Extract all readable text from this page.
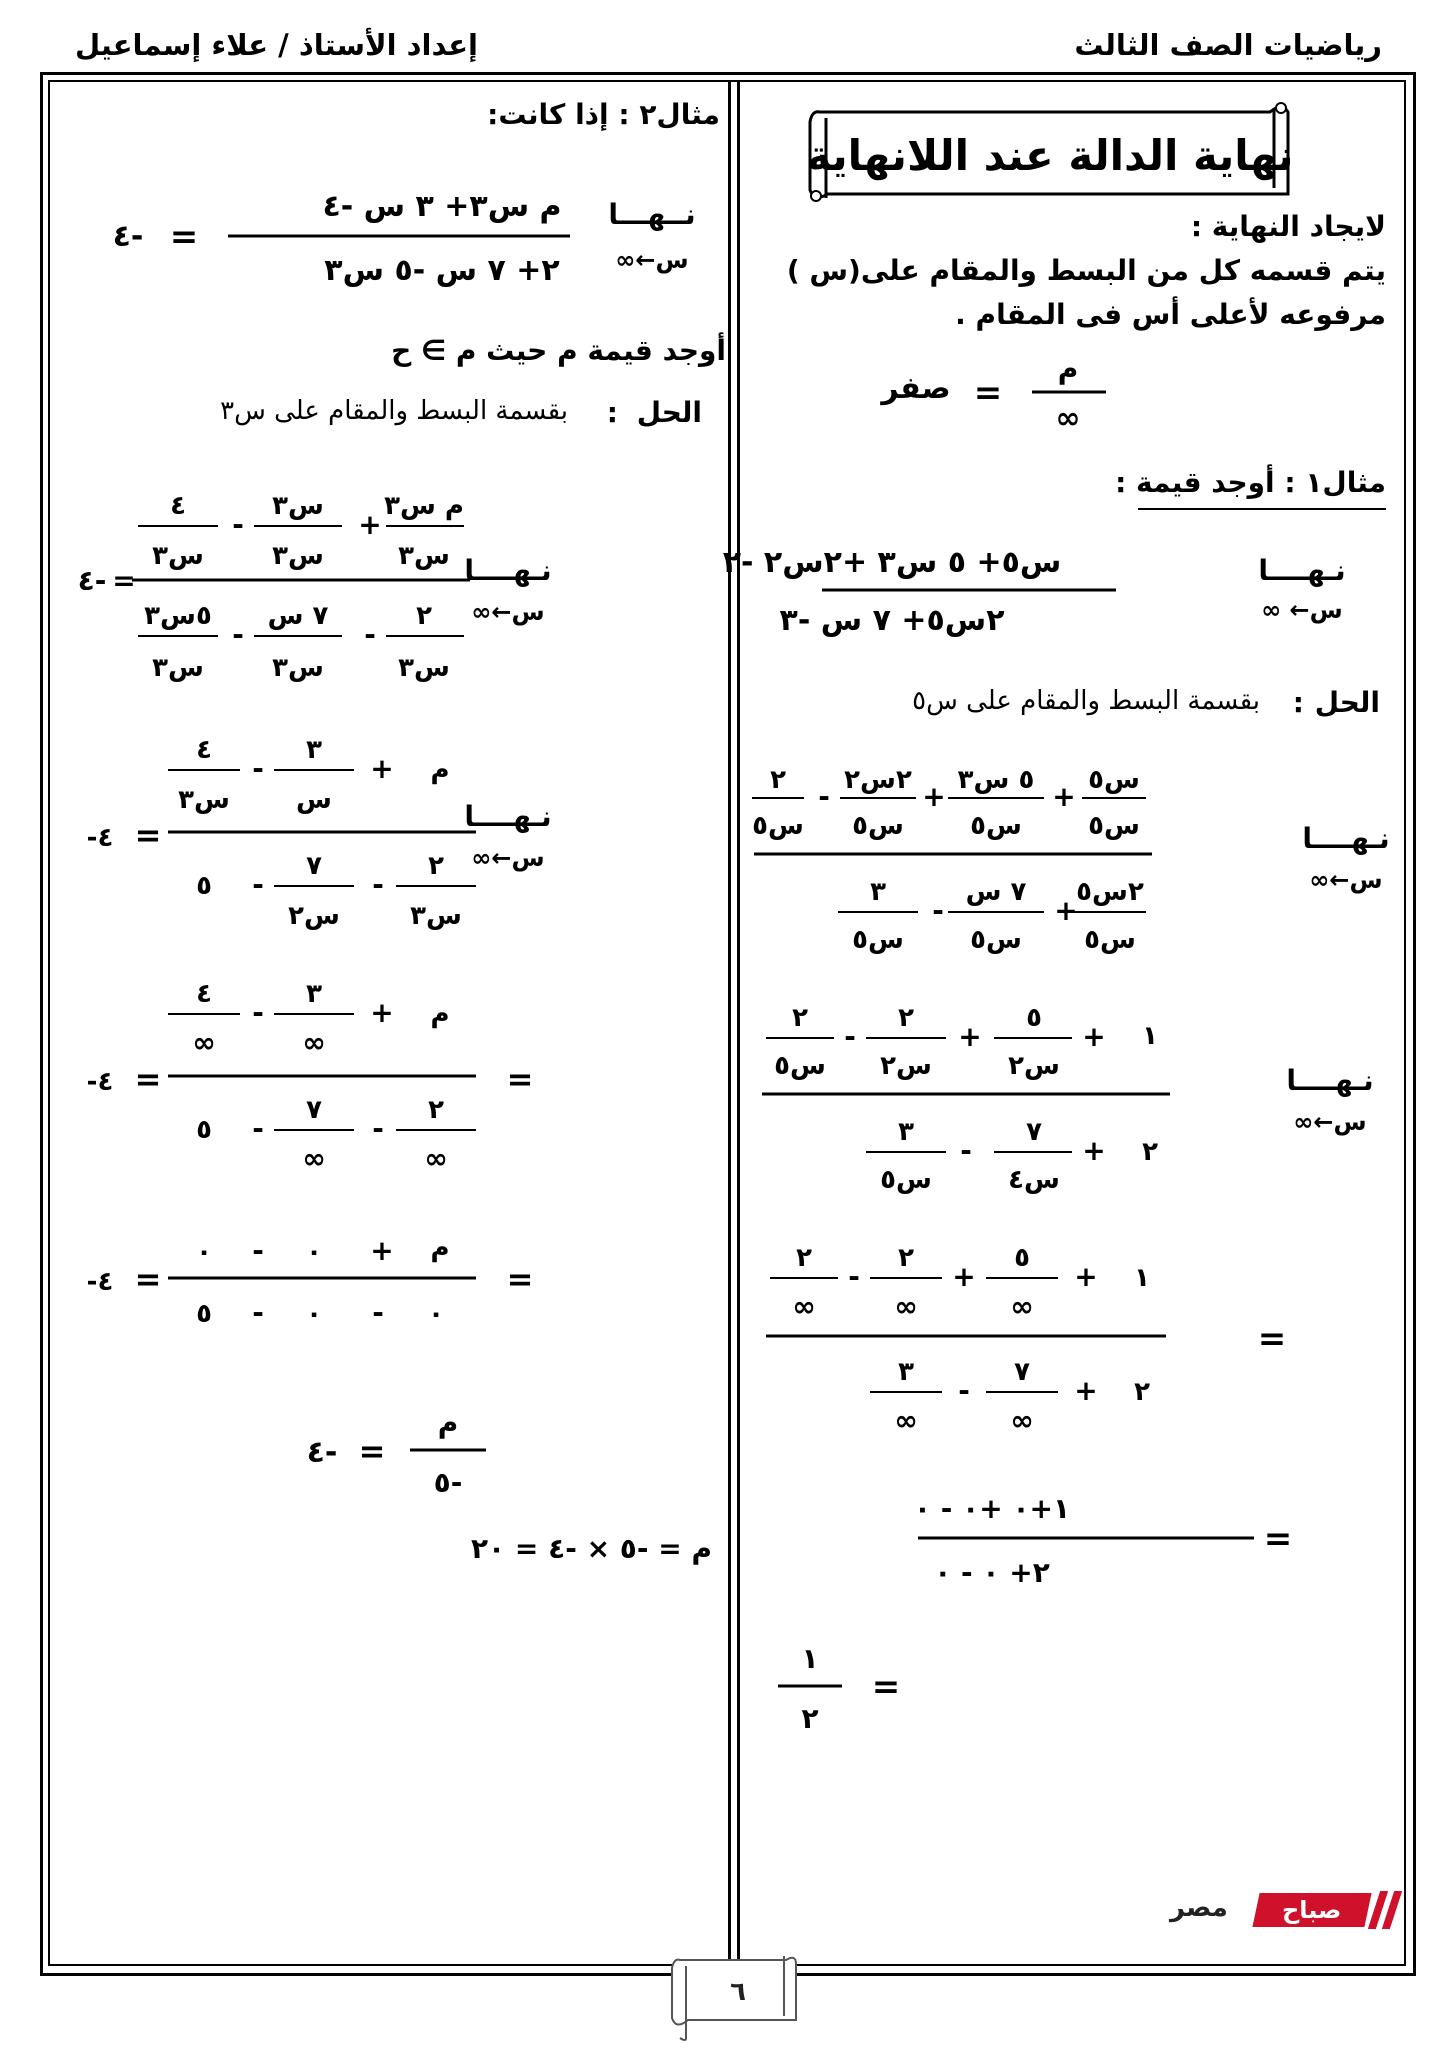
رياضيات الصف الثالث
إعداد الأستاذ / علاء إسماعيل
نهاية الدالة عند اللانهاية
لايجاد النهاية :
يتم قسمه كل من البسط والمقام على(س )
مرفوعه لأعلى أس فى المقام .
م
∞
=
صفر
مثال١ : أوجد قيمة :
س٥+ ٥ س٣ +٢س٢ -٢
٢س٥+ ٧ س -٣
نـهــــا
س← ∞
الحل
:
بقسمة البسط والمقام على س٥
٢
س٥
- ٢س٢
س٥
+ ٥ س٣
س٥
+ س٥
س٥
٣
س٥
-
٧ س
س٥
+
٢س٥
س٥
نـهــــا
س←∞
٢
س٥
-
٢
س٢
+
٥
س٢
+ ١
٣
س٥
-
٧
س٤
+ ٢
نـهــــا
س←∞
٢
∞
-
٢
∞
+
٥
∞
+ ١
٣
∞
-
٧
∞
+ ٢
=
١+٠ +٠ - ٠
٢+ ٠ - ٠
=
١
٢
=
مثال٢ : إذا كانت:
م س٣+ ٣ س -٤
٢+ ٧ س -٥ س٣
=
-٤
نــهـــا
س←∞
أوجد قيمة م حيث م ∋ ح
الحل
:
بقسمة البسط والمقام على س٣
٤
س٣
-
س٣
س٣
+
م س٣
س٣
٥س٣
س٣
-
٧ س
س٣
-
٢
س٣
-٤ =	نـهــــا
س←∞
٤
س٣
-
٣
س
+ م
٥ -
٧
س٢
-
٢
س٣
٤- =	نـهــــا
س←∞
٤
∞
-
٣
∞
+ م
٥ -
٧
∞
-
٢
∞
٤- =	=
٠ - ٠ + م
٥ - ٠ - ٠
٤- =	=
م
-٥
=
-٤
م = -٥ × -٤ = ٢٠
صباح
مصر
٦
